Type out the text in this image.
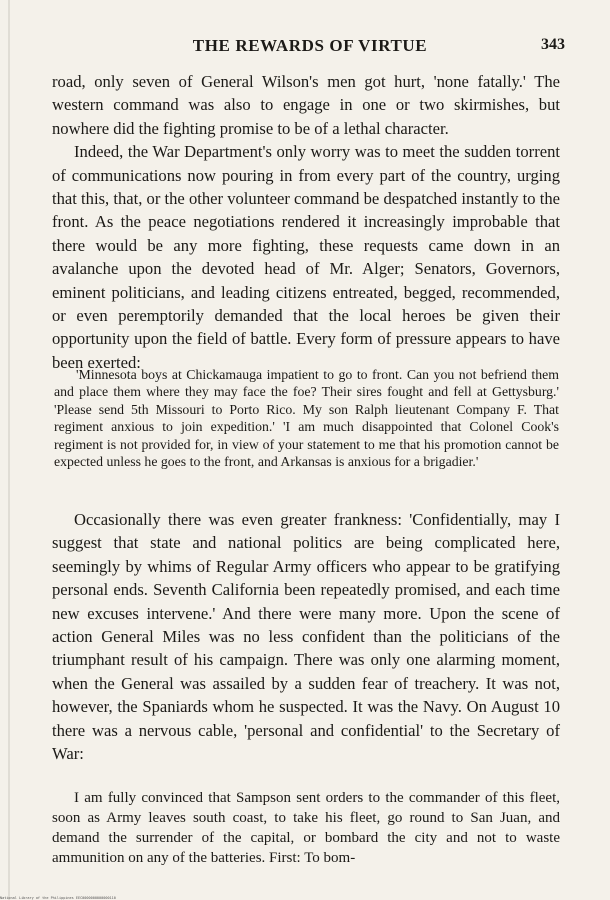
THE REWARDS OF VIRTUE	343

road, only seven of General Wilson's men got hurt, 'none fatally.' The western command was also to engage in one or two skirmishes, but nowhere did the fighting promise to be of a lethal character.

Indeed, the War Department's only worry was to meet the sudden torrent of communications now pouring in from every part of the country, urging that this, that, or the other volunteer command be despatched instantly to the front. As the peace negotiations rendered it increasingly improbable that there would be any more fighting, these requests came down in an avalanche upon the devoted head of Mr. Alger; Senators, Governors, eminent politicians, and leading citizens entreated, begged, recommended, or even peremptorily demanded that the local heroes be given their opportunity upon the field of battle. Every form of pressure appears to have been exerted:

'Minnesota boys at Chickamauga impatient to go to front. Can you not befriend them and place them where they may face the foe? Their sires fought and fell at Gettysburg.' 'Please send 5th Missouri to Porto Rico. My son Ralph lieutenant Company F. That regiment anxious to join expedition.' 'I am much disappointed that Colonel Cook's regiment is not provided for, in view of your statement to me that his promotion cannot be expected unless he goes to the front, and Arkansas is anxious for a brigadier.'

Occasionally there was even greater frankness: 'Confidentially, may I suggest that state and national politics are being complicated here, seemingly by whims of Regular Army officers who appear to be gratifying personal ends. Seventh California been repeatedly promised, and each time new excuses intervene.' And there were many more. Upon the scene of action General Miles was no less confident than the politicians of the triumphant result of his campaign. There was only one alarming moment, when the General was assailed by a sudden fear of treachery. It was not, however, the Spaniards whom he suspected. It was the Navy. On August 10 there was a nervous cable, 'personal and confidential' to the Secretary of War:

I am fully convinced that Sampson sent orders to the commander of this fleet, soon as Army leaves south coast, to take his fleet, go round to San Juan, and demand the surrender of the capital, or bombard the city and not to waste ammunition on any of the batteries. First: To bom-

National Library of the Philippines EEC0000000000000110
